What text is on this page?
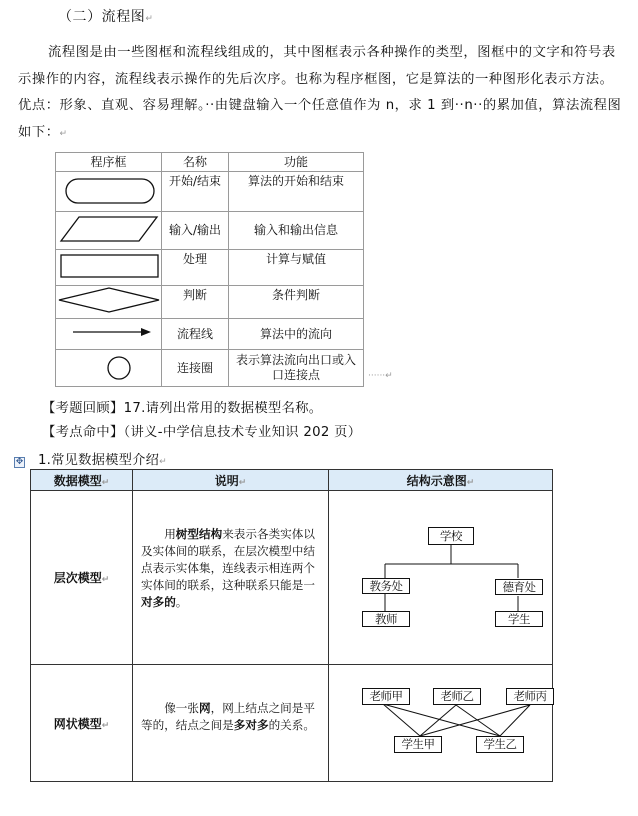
（二）流程图↵
流程图是由一些图框和流程线组成的，其中图框表示各种操作的类型，图框中的文字和符号表
示操作的内容，流程线表示操作的先后次序。也称为程序框图，它是算法的一种图形化表示方法。
优点：形象、直观、容易理解。··由键盘输入一个任意值作为 n，求 1 到··n··的累加值，算法流程图
如下：↵
程序框	名称	功能
	开始/结束	算法的开始和结束
	输入/输出	输入和输出信息
	处理	计算与赋值
	判断	条件判断
	流程线	算法中的流向
	连接圈	表示算法流向出口或入
口连接点	······↵
【考题回顾】17.请列出常用的数据模型名称。
【考点命中】（讲义-中学信息技术专业知识 202 页）
✥ 1.常见数据模型介绍↵
数据模型↵	说明↵	结构示意图↵
层次模型↵	　　用树型结构来表示各类实体以
及实体间的联系，在层次模型中结
点表示实体集，连线表示相连两个
实体间的联系，这种联系只能是一
对多的。	

网状模型↵	　　像一张网，网上结点之间是平
等的，结点之间是多对多的关系。	

学校
教务处
教师
德育处
学生
老师甲	老师乙	老师丙
学生甲	学生乙
